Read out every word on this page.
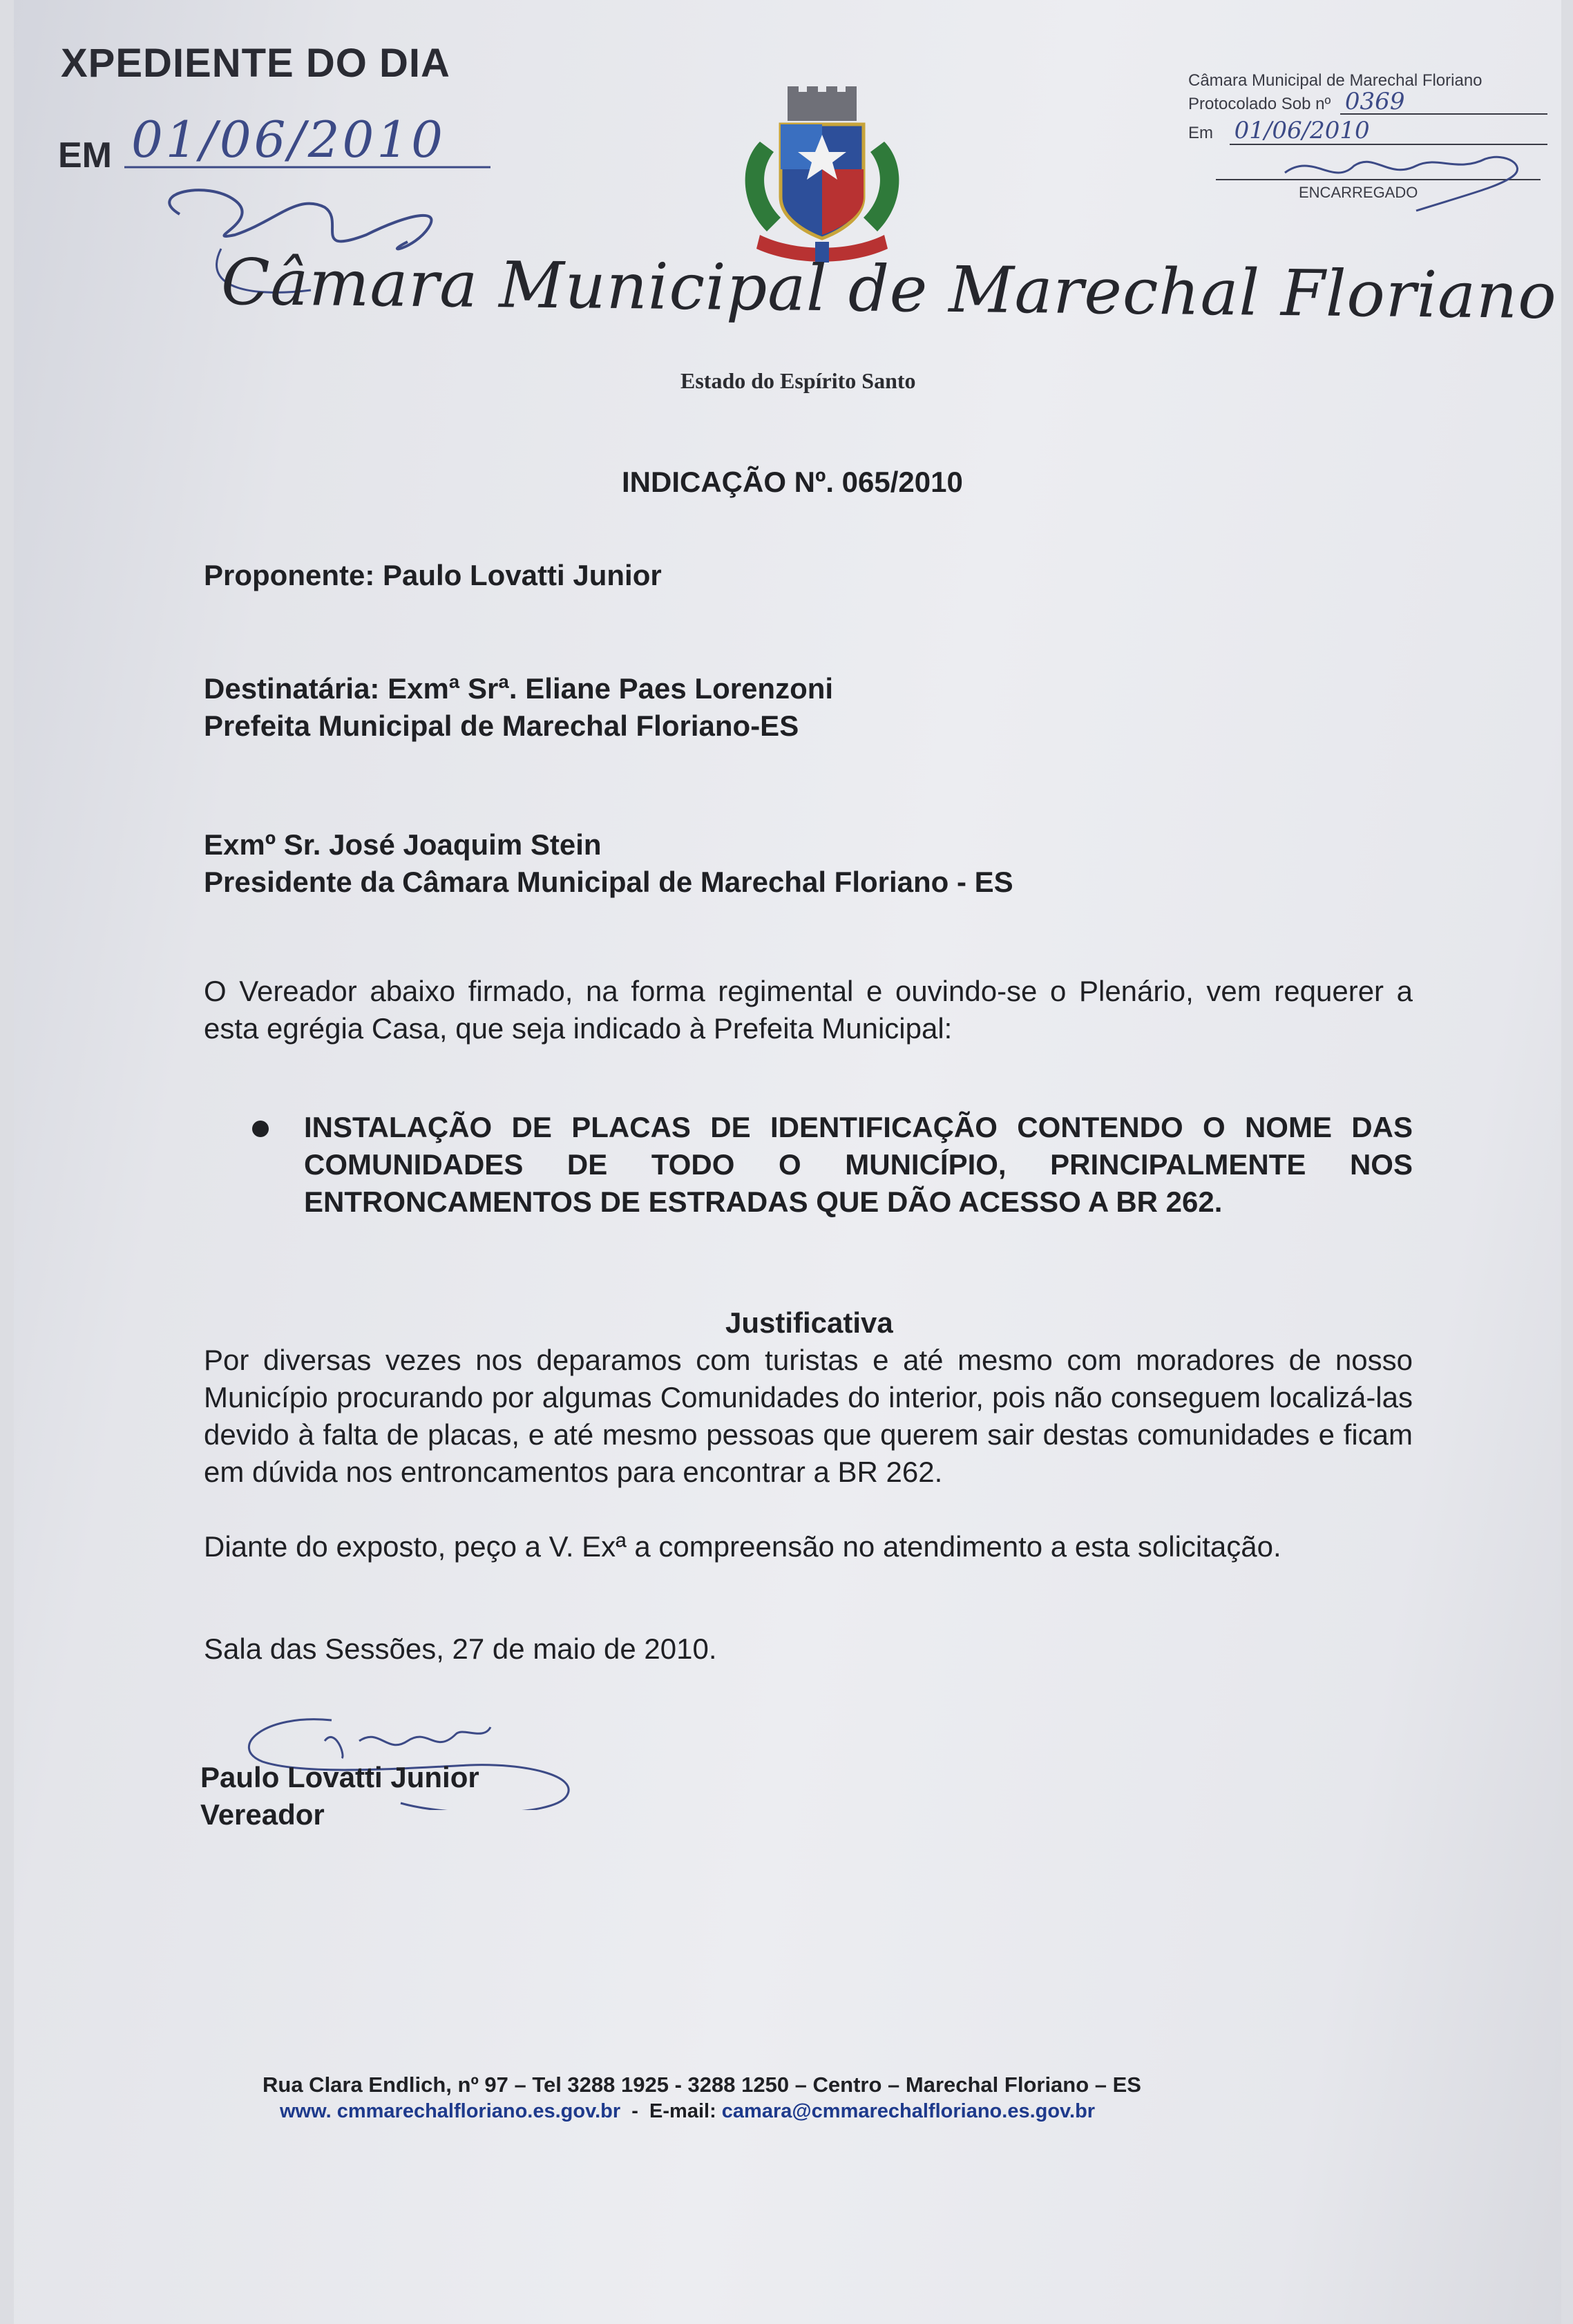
XPEDIENTE DO DIA
EM 01/06/2010
Câmara Municipal de Marechal Floriano
Protocolado Sob nº 0369
Em 01/06/2010
ENCARREGADO
Câmara Municipal de Marechal Floriano
Estado do Espírito Santo
INDICAÇÃO Nº. 065/2010
Proponente: Paulo Lovatti Junior
Destinatária: Exmª Srª. Eliane Paes Lorenzoni
Prefeita Municipal de Marechal Floriano-ES
Exmº Sr. José Joaquim Stein
Presidente da Câmara Municipal de Marechal Floriano - ES
O Vereador abaixo firmado, na forma regimental e ouvindo-se o Plenário, vem requerer a esta egrégia Casa, que seja indicado à Prefeita Municipal:
INSTALAÇÃO DE PLACAS DE IDENTIFICAÇÃO CONTENDO O NOME DAS COMUNIDADES DE TODO O MUNICÍPIO, PRINCIPALMENTE NOS ENTRONCAMENTOS DE ESTRADAS QUE DÃO ACESSO A BR 262.
Justificativa
Por diversas vezes nos deparamos com turistas e até mesmo com moradores de nosso Município procurando por algumas Comunidades do interior, pois não conseguem localizá-las devido à falta de placas, e até mesmo pessoas que querem sair destas comunidades e ficam em dúvida nos entroncamentos para encontrar a BR 262.
Diante do exposto, peço a V. Exª a compreensão no atendimento a esta solicitação.
Sala das Sessões, 27 de maio de 2010.
Paulo Lovatti Junior
Vereador
Rua Clara Endlich, nº 97 – Tel 3288 1925 - 3288 1250 – Centro – Marechal Floriano – ES
www. cmmarechalfloriano.es.gov.br  -  E-mail: camara@cmmarechalfloriano.es.gov.br
